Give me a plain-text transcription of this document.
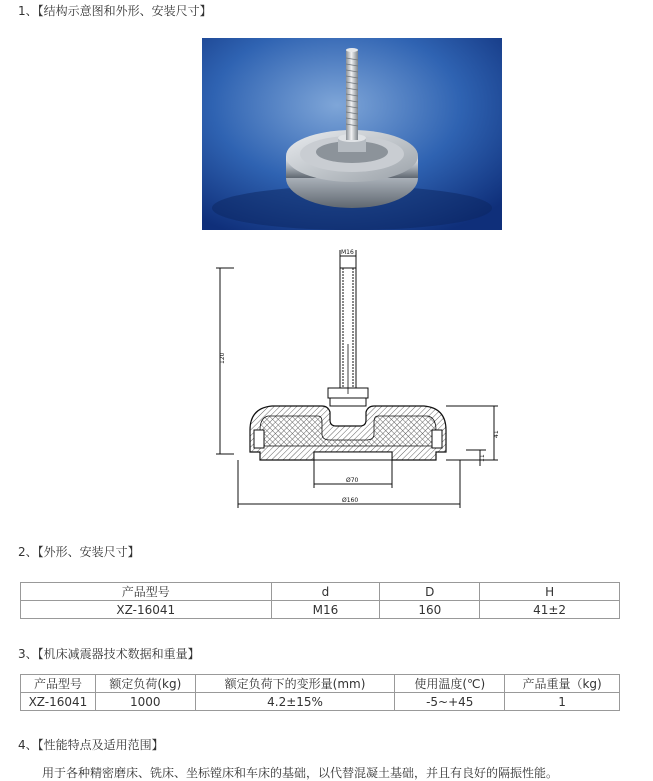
1、【结构示意图和外形、安装尺寸】
M16
120
41
11
Ø70
Ø160
2、【外形、安装尺寸】
产品型号	d	D	H
XZ-16041	M16	160	41±2
3、【机床减震器技术数据和重量】
产品型号	额定负荷(kg)	额定负荷下的变形量(mm)	使用温度(℃)	产品重量（kg)
XZ-16041	1000	4.2±15%	-5~+45	1
4、【性能特点及适用范围】
用于各种精密磨床、铣床、坐标镗床和车床的基础，以代替混凝土基础，并且有良好的隔振性能。
